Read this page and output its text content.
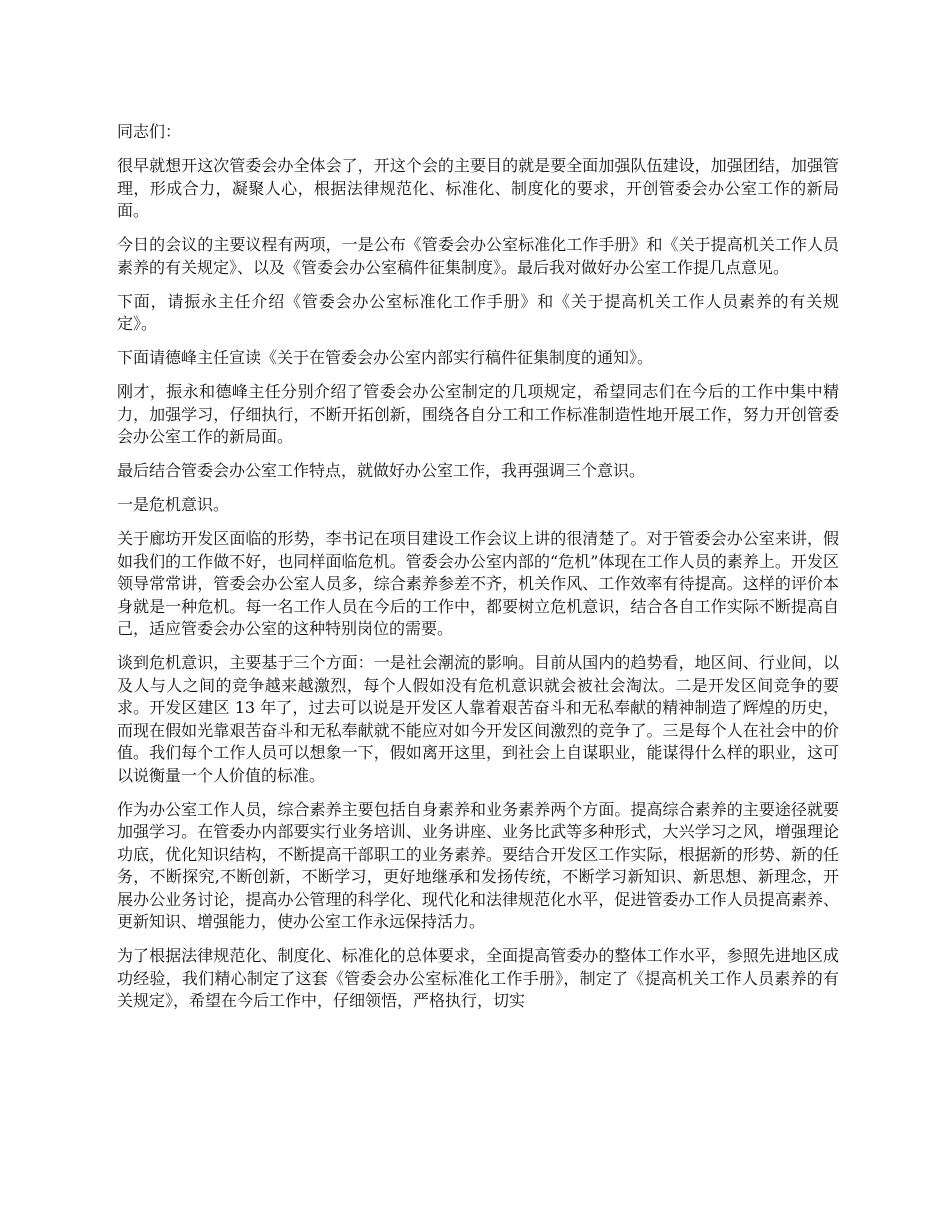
同志们：

很早就想开这次管委会办全体会了，开这个会的主要目的就是要全面加强队伍建设，加强团结，加强管理，形成合力，凝聚人心，根据法律规范化、标准化、制度化的要求，开创管委会办公室工作的新局面。

今日的会议的主要议程有两项，一是公布《管委会办公室标准化工作手册》和《关于提高机关工作人员素养的有关规定》、以及《管委会办公室稿件征集制度》。最后我对做好办公室工作提几点意见。

下面，请振永主任介绍《管委会办公室标准化工作手册》和《关于提高机关工作人员素养的有关规定》。

下面请德峰主任宣读《关于在管委会办公室内部实行稿件征集制度的通知》。

刚才，振永和德峰主任分别介绍了管委会办公室制定的几项规定，希望同志们在今后的工作中集中精力，加强学习，仔细执行，不断开拓创新，围绕各自分工和工作标准制造性地开展工作，努力开创管委会办公室工作的新局面。

最后结合管委会办公室工作特点，就做好办公室工作，我再强调三个意识。

一是危机意识。

关于廊坊开发区面临的形势，李书记在项目建设工作会议上讲的很清楚了。对于管委会办公室来讲，假如我们的工作做不好，也同样面临危机。管委会办公室内部的“危机”体现在工作人员的素养上。开发区领导常常讲，管委会办公室人员多，综合素养参差不齐，机关作风、工作效率有待提高。这样的评价本身就是一种危机。每一名工作人员在今后的工作中，都要树立危机意识，结合各自工作实际不断提高自己，适应管委会办公室的这种特别岗位的需要。

谈到危机意识，主要基于三个方面：一是社会潮流的影响。目前从国内的趋势看，地区间、行业间，以及人与人之间的竞争越来越激烈，每个人假如没有危机意识就会被社会淘汰。二是开发区间竞争的要求。开发区建区 13 年了，过去可以说是开发区人靠着艰苦奋斗和无私奉献的精神制造了辉煌的历史，而现在假如光靠艰苦奋斗和无私奉献就不能应对如今开发区间激烈的竞争了。三是每个人在社会中的价值。我们每个工作人员可以想象一下，假如离开这里，到社会上自谋职业，能谋得什么样的职业，这可以说衡量一个人价值的标准。

作为办公室工作人员，综合素养主要包括自身素养和业务素养两个方面。提高综合素养的主要途径就要加强学习。在管委办内部要实行业务培训、业务讲座、业务比武等多种形式，大兴学习之风，增强理论功底，优化知识结构，不断提高干部职工的业务素养。要结合开发区工作实际，根据新的形势、新的任务，不断探究,不断创新，不断学习，更好地继承和发扬传统，不断学习新知识、新思想、新理念，开展办公业务讨论，提高办公管理的科学化、现代化和法律规范化水平，促进管委办工作人员提高素养、更新知识、增强能力，使办公室工作永远保持活力。

为了根据法律规范化、制度化、标准化的总体要求，全面提高管委办的整体工作水平，参照先进地区成功经验，我们精心制定了这套《管委会办公室标准化工作手册》，制定了《提高机关工作人员素养的有关规定》，希望在今后工作中，仔细领悟，严格执行，切实
